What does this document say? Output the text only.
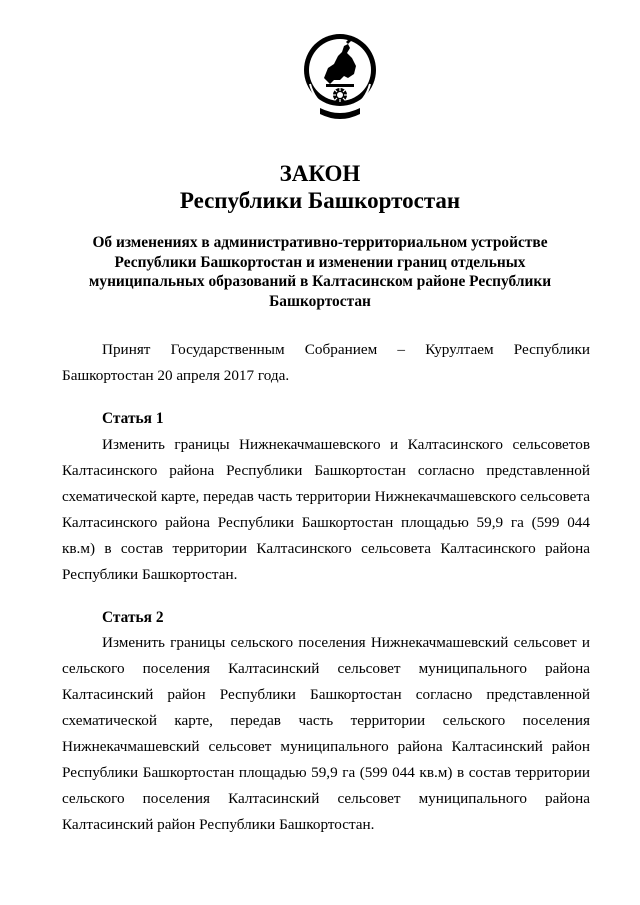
ЗАКОН
Республики Башкортостан

Об изменениях в административно-территориальном устройстве Республики Башкортостан и изменении границ отдельных муниципальных образований в Калтасинском районе Республики Башкортостан

Принят Государственным Собранием – Курултаем Республики Башкортостан 20 апреля 2017 года.

Статья 1

Изменить границы Нижнекачмашевского и Калтасинского сельсоветов Калтасинского района Республики Башкортостан согласно представленной схематической карте, передав часть территории Нижнекачмашевского сельсовета Калтасинского района Республики Башкортостан площадью 59,9 га (599 044 кв.м) в состав территории Калтасинского сельсовета Калтасинского района Республики Башкортостан.

Статья 2

Изменить границы сельского поселения Нижнекачмашевский сельсовет и сельского поселения Калтасинский сельсовет муниципального района Калтасинский район Республики Башкортостан согласно представленной схематической карте, передав часть территории сельского поселения Нижнекачмашевский сельсовет муниципального района Калтасинский район Республики Башкортостан площадью 59,9 га (599 044 кв.м) в состав территории сельского поселения Калтасинский сельсовет муниципального района Калтасинский район Республики Башкортостан.
